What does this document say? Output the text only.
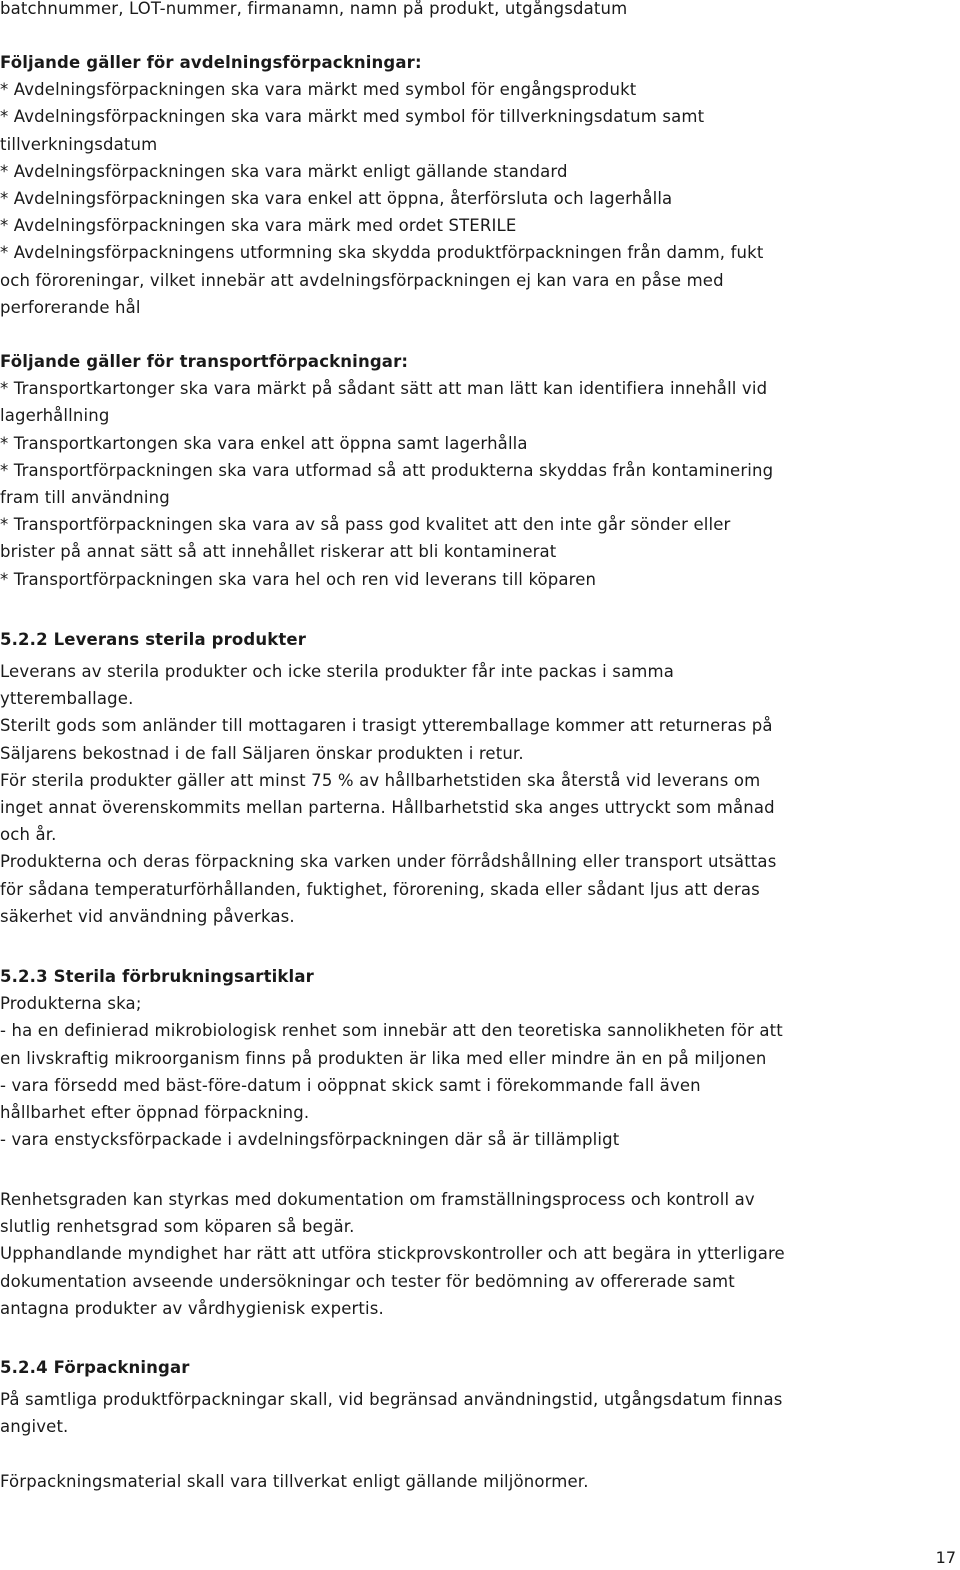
batchnummer, LOT-nummer, firmanamn, namn på produkt, utgångsdatum
Följande gäller för avdelningsförpackningar:
* Avdelningsförpackningen ska vara märkt med symbol för engångsprodukt
* Avdelningsförpackningen ska vara märkt med symbol för tillverkningsdatum samt
tillverkningsdatum
* Avdelningsförpackningen ska vara märkt enligt gällande standard
* Avdelningsförpackningen ska vara enkel att öppna, återförsluta och lagerhålla
* Avdelningsförpackningen ska vara märk med ordet STERILE
* Avdelningsförpackningens utformning ska skydda produktförpackningen från damm, fukt
och föroreningar, vilket innebär att avdelningsförpackningen ej kan vara en påse med
perforerande hål
Följande gäller för transportförpackningar:
* Transportkartonger ska vara märkt på sådant sätt att man lätt kan identifiera innehåll vid
lagerhållning
* Transportkartongen ska vara enkel att öppna samt lagerhålla
* Transportförpackningen ska vara utformad så att produkterna skyddas från kontaminering
fram till användning
* Transportförpackningen ska vara av så pass god kvalitet att den inte går sönder eller
brister på annat sätt så att innehållet riskerar att bli kontaminerat
* Transportförpackningen ska vara hel och ren vid leverans till köparen
5.2.2 Leverans sterila produkter
Leverans av sterila produkter och icke sterila produkter får inte packas i samma
ytteremballage.
Sterilt gods som anländer till mottagaren i trasigt ytteremballage kommer att returneras på
Säljarens bekostnad i de fall Säljaren önskar produkten i retur.
För sterila produkter gäller att minst 75 % av hållbarhetstiden ska återstå vid leverans om
inget annat överenskommits mellan parterna. Hållbarhetstid ska anges uttryckt som månad
och år.
Produkterna och deras förpackning ska varken under förrådshållning eller transport utsättas
för sådana temperaturförhållanden, fuktighet, förorening, skada eller sådant ljus att deras
säkerhet vid användning påverkas.
5.2.3 Sterila förbrukningsartiklar
Produkterna ska;
- ha en definierad mikrobiologisk renhet som innebär att den teoretiska sannolikheten för att
en livskraftig mikroorganism finns på produkten är lika med eller mindre än en på miljonen
- vara försedd med bäst-före-datum i oöppnat skick samt i förekommande fall även
hållbarhet efter öppnad förpackning.
- vara enstycksförpackade i avdelningsförpackningen där så är tillämpligt
Renhetsgraden kan styrkas med dokumentation om framställningsprocess och kontroll av
slutlig renhetsgrad som köparen så begär.
Upphandlande myndighet har rätt att utföra stickprovskontroller och att begära in ytterligare
dokumentation avseende undersökningar och tester för bedömning av offererade samt
antagna produkter av vårdhygienisk expertis.
5.2.4 Förpackningar
På samtliga produktförpackningar skall, vid begränsad användningstid, utgångsdatum finnas
angivet.
Förpackningsmaterial skall vara tillverkat enligt gällande miljönormer.
17
